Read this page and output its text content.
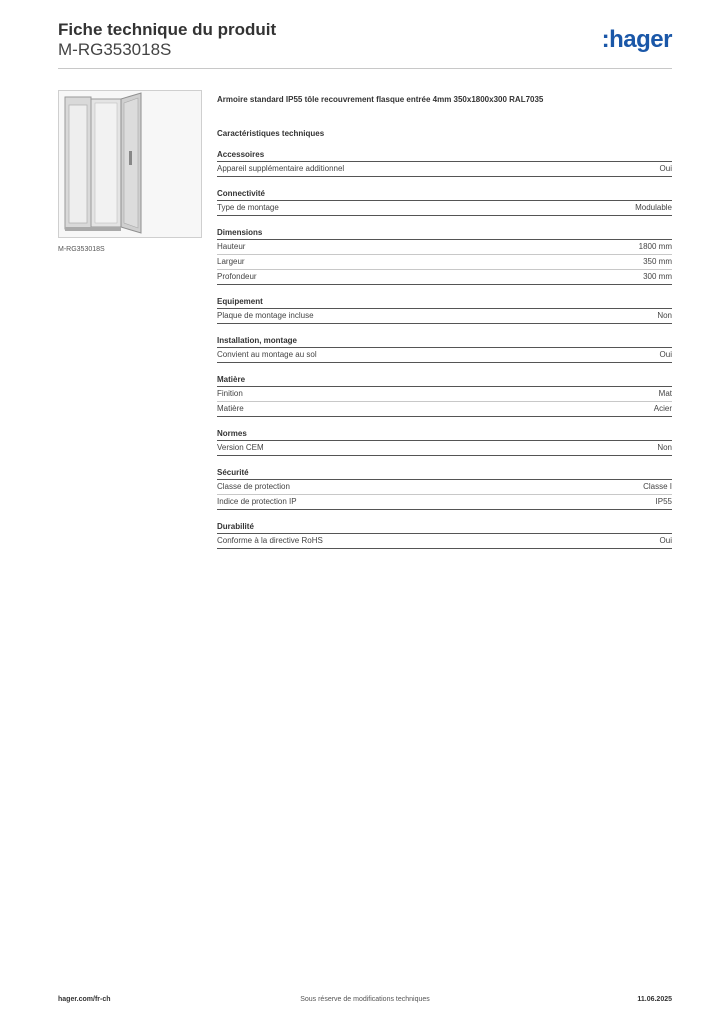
Fiche technique du produit
M-RG353018S	:hager
M-RG353018S
Armoire standard IP55 tôle recouvrement flasque entrée 4mm 350x1800x300 RAL7035
Caractéristiques techniques
Accessoires
Appareil supplémentaire additionnel	Oui
Connectivité
Type de montage	Modulable
Dimensions
Hauteur	1800 mm
Largeur	350 mm
Profondeur	300 mm
Equipement
Plaque de montage incluse	Non
Installation, montage
Convient au montage au sol	Oui
Matière
Finition	Mat
Matière	Acier
Normes
Version CEM	Non
Sécurité
Classe de protection	Classe I
Indice de protection IP	IP55
Durabilité
Conforme à la directive RoHS	Oui
Sous réserve de modifications techniques
hager.com/fr-ch	11.06.2025
